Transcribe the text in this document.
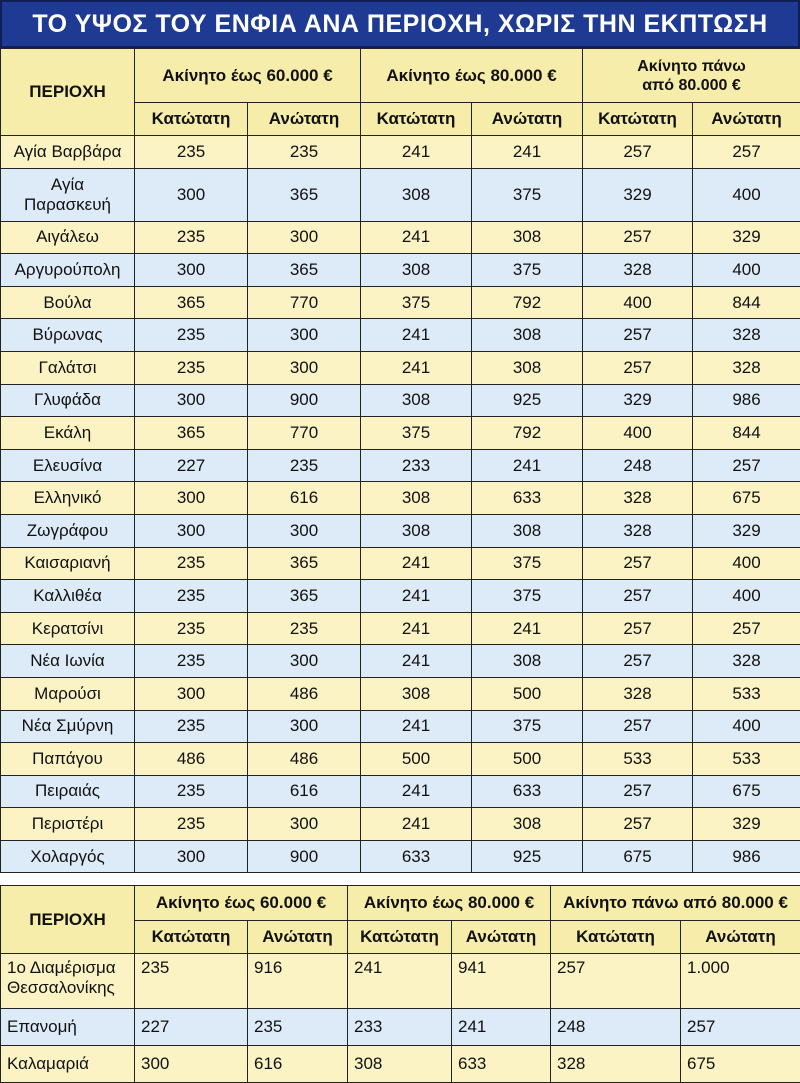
ΤΟ ΥΨΟΣ ΤΟΥ ΕΝΦΙΑ ΑΝΑ ΠΕΡΙΟΧΗ, ΧΩΡΙΣ ΤΗΝ ΕΚΠΤΩΣΗ
ΠΕΡΙΟΧΗ	Ακίνητο έως 60.000 €		Ακίνητο έως 80.000 €		Ακίνητο πάνω
από 80.000 €	
	Κατώτατη	Ανώτατη	Κατώτατη	Ανώτατη	Κατώτατη	Ανώτατη
Αγία Βαρβάρα	235	235	241	241	257	257
Αγία
Παρασκευή	300	365	308	375	329	400
Αιγάλεω	235	300	241	308	257	329
Αργυρούπολη	300	365	308	375	328	400
Βούλα	365	770	375	792	400	844
Βύρωνας	235	300	241	308	257	328
Γαλάτσι	235	300	241	308	257	328
Γλυφάδα	300	900	308	925	329	986
Εκάλη	365	770	375	792	400	844
Ελευσίνα	227	235	233	241	248	257
Ελληνικό	300	616	308	633	328	675
Ζωγράφου	300	300	308	308	328	329
Καισαριανή	235	365	241	375	257	400
Καλλιθέα	235	365	241	375	257	400
Κερατσίνι	235	235	241	241	257	257
Νέα Ιωνία	235	300	241	308	257	328
Μαρούσι	300	486	308	500	328	533
Νέα Σμύρνη	235	300	241	375	257	400
Παπάγου	486	486	500	500	533	533
Πειραιάς	235	616	241	633	257	675
Περιστέρι	235	300	241	308	257	329
Χολαργός	300	900	633	925	675	986
ΠΕΡΙΟΧΗ	Ακίνητο έως 60.000 €		Ακίνητο έως 80.000 €		Ακίνητο πάνω από 80.000 €	
	Κατώτατη	Ανώτατη	Κατώτατη	Ανώτατη	Κατώτατη	Ανώτατη
1ο Διαμέρισμα
Θεσσαλονίκης	235	916	241	941	257	1.000
Επανομή	227	235	233	241	248	257
Καλαμαριά	300	616	308	633	328	675
